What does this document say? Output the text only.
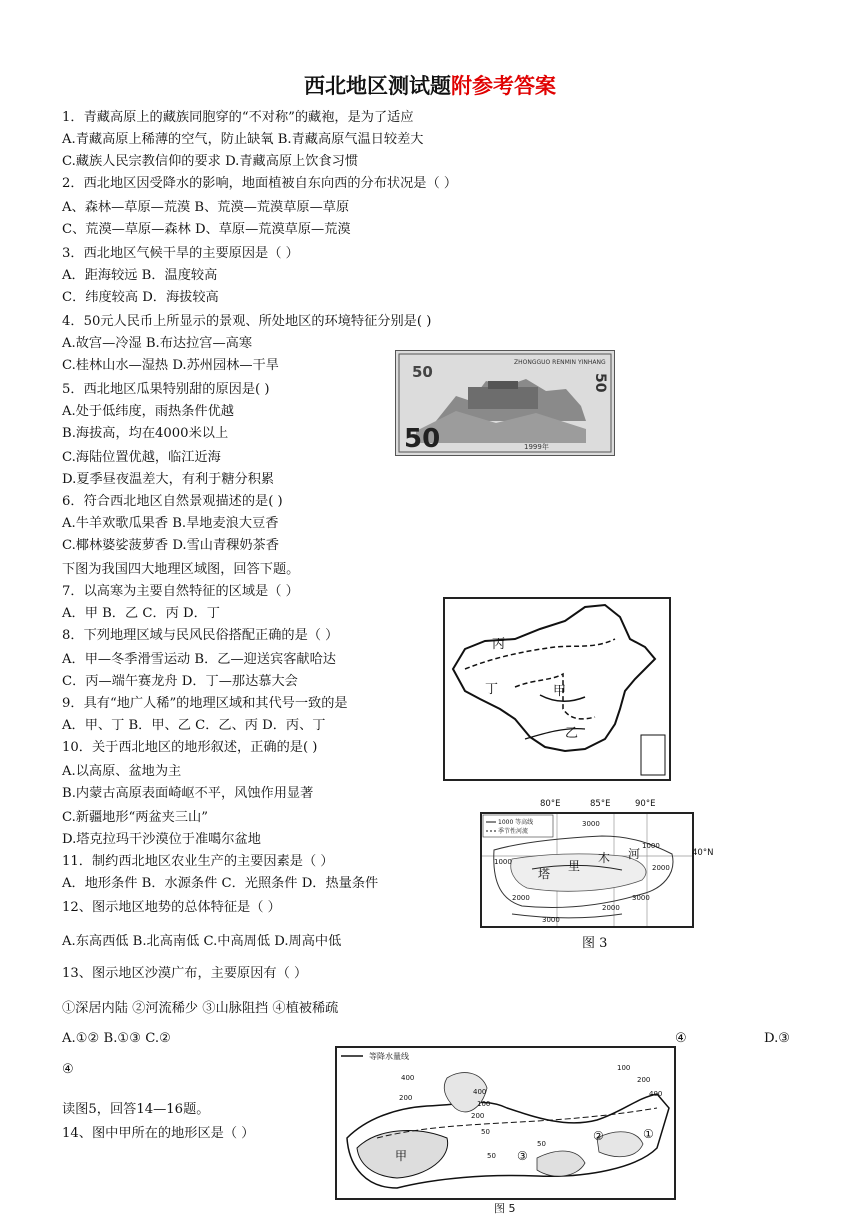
西北地区测试题附参考答案
1．青藏高原上的藏族同胞穿的“不对称”的藏袍，是为了适应
A.青藏高原上稀薄的空气，防止缺氧 B.青藏高原气温日较差大
C.藏族人民宗教信仰的要求 D.青藏高原上饮食习惯
2．西北地区因受降水的影响，地面植被自东向西的分布状况是（ ）
A、森林—草原—荒漠 B、荒漠—荒漠草原—草原
C、荒漠—草原—森林 D、草原—荒漠草原—荒漠
3．西北地区气候干旱的主要原因是（ ）
A．距海较远 B．温度较高
C．纬度较高 D．海拔较高
4．50元人民币上所显示的景观、所处地区的环境特征分别是( )
A.故宫—冷湿 B.布达拉宫—高寒
C.桂林山水—湿热 D.苏州园林—干旱
5．西北地区瓜果特别甜的原因是( )
A.处于低纬度，雨热条件优越
B.海拔高，均在4000米以上
C.海陆位置优越，临江近海
D.夏季昼夜温差大，有利于糖分积累
6．符合西北地区自然景观描述的是( )
A.牛羊欢歌瓜果香 B.旱地麦浪大豆香
C.椰林婆娑菠萝香 D.雪山青稞奶茶香
下图为我国四大地理区域图，回答下题。
7．以高寒为主要自然特征的区域是（ ）
A．甲 B．乙 C．丙 D．丁
8．下列地理区域与民风民俗搭配正确的是（ ）
A．甲—冬季滑雪运动 B．乙—迎送宾客献哈达
C．丙—端午赛龙舟 D．丁—那达慕大会
9．具有“地广人稀”的地理区域和其代号一致的是
A．甲、丁 B．甲、乙 C．乙、丙 D．丙、丁
10．关于西北地区的地形叙述，正确的是( )
A.以高原、盆地为主
B.内蒙古高原表面崎岖不平，风蚀作用显著
C.新疆地形“两盆夹三山”
D.塔克拉玛干沙漠位于准噶尔盆地
11．制约西北地区农业生产的主要因素是（ ）
A．地形条件 B．水源条件 C．光照条件 D．热量条件
12、图示地区地势的总体特征是（ ）
A.东高西低 B.北高南低 C.中高周低 D.周高中低
13、图示地区沙漠广布，主要原因有（ ）
①深居内陆 ②河流稀少 ③山脉阻挡 ④植被稀疏
A.①② B.①③ C.②
④
读图5，回答14—16题。
14、图中甲所在的地形区是（ ）
④	D.③
ZHONGGUO RENMIN YINHANG
50
50
50	1999年
丙
丁	甲
乙
1000 等高线
季节性河流
3000
1000
2000
1000
2000
3000
2000
3000
塔
里
木 河
80°E	85°E	90°E
40°N
图 3
等降水量线
400
200
400
100
200
50
50
50
100
200
400
甲	③
②	①
图 5
